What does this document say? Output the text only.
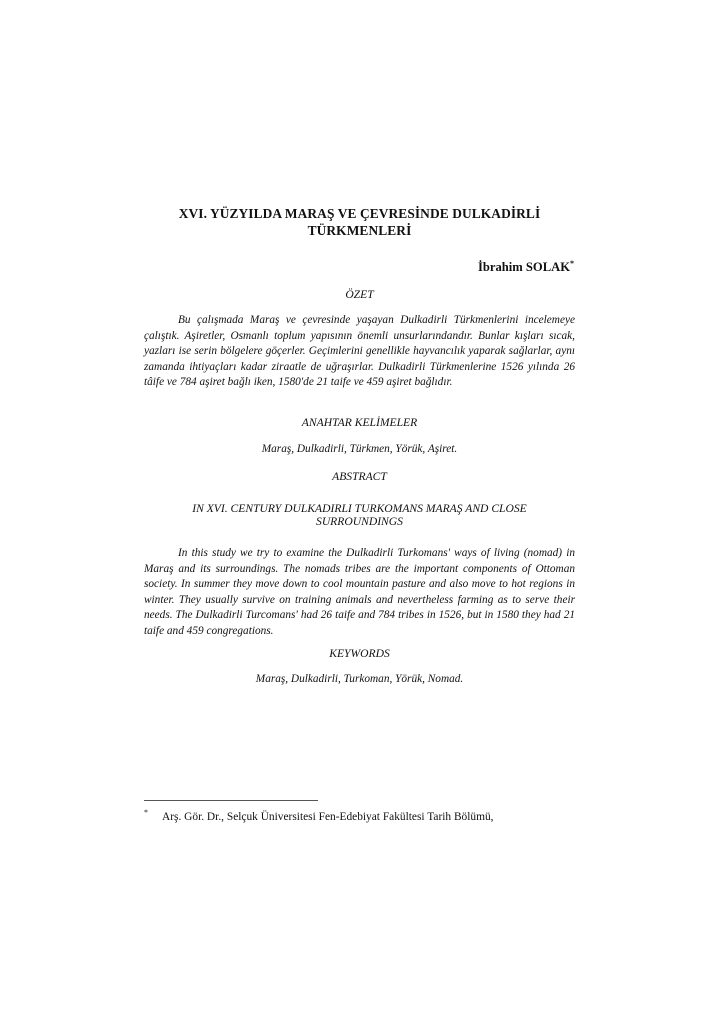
XVI. YÜZYILDA MARAŞ VE ÇEVRESİNDE DULKADİRLİ
TÜRKMENLERİ
İbrahim SOLAK*
ÖZET
Bu çalışmada Maraş ve çevresinde yaşayan Dulkadirli Türkmenlerini incelemeye çalıştık. Aşiretler, Osmanlı toplum yapısının önemli unsurlarındandır. Bunlar kışları sıcak, yazları ise serin bölgelere göçerler. Geçimlerini genellikle hayvancılık yaparak sağlarlar, aynı zamanda ihtiyaçları kadar ziraatle de uğraşırlar. Dulkadirli Türkmenlerine 1526 yılında 26 tâife ve 784 aşiret bağlı iken, 1580'de 21 taife ve 459 aşiret bağlıdır.
ANAHTAR KELİMELER
Maraş, Dulkadirli, Türkmen, Yörük, Aşiret.
ABSTRACT
IN XVI. CENTURY DULKADIRLI TURKOMANS MARAŞ AND CLOSE
SURROUNDINGS
In this study we try to examine the Dulkadirli Turkomans' ways of living (nomad) in Maraş and its surroundings. The nomads tribes are the important components of Ottoman society. In summer they move down to cool mountain pasture and also move to hot regions in winter. They usually survive on training animals and nevertheless farming as to serve their needs. The Dulkadirli Turcomans' had 26 taife and 784 tribes in 1526, but in 1580 they had 21 taife and 459 congregations.
KEYWORDS
Maraş, Dulkadirli, Turkoman, Yörük, Nomad.
* Arş. Gör. Dr., Selçuk Üniversitesi Fen-Edebiyat Fakültesi Tarih Bölümü,
